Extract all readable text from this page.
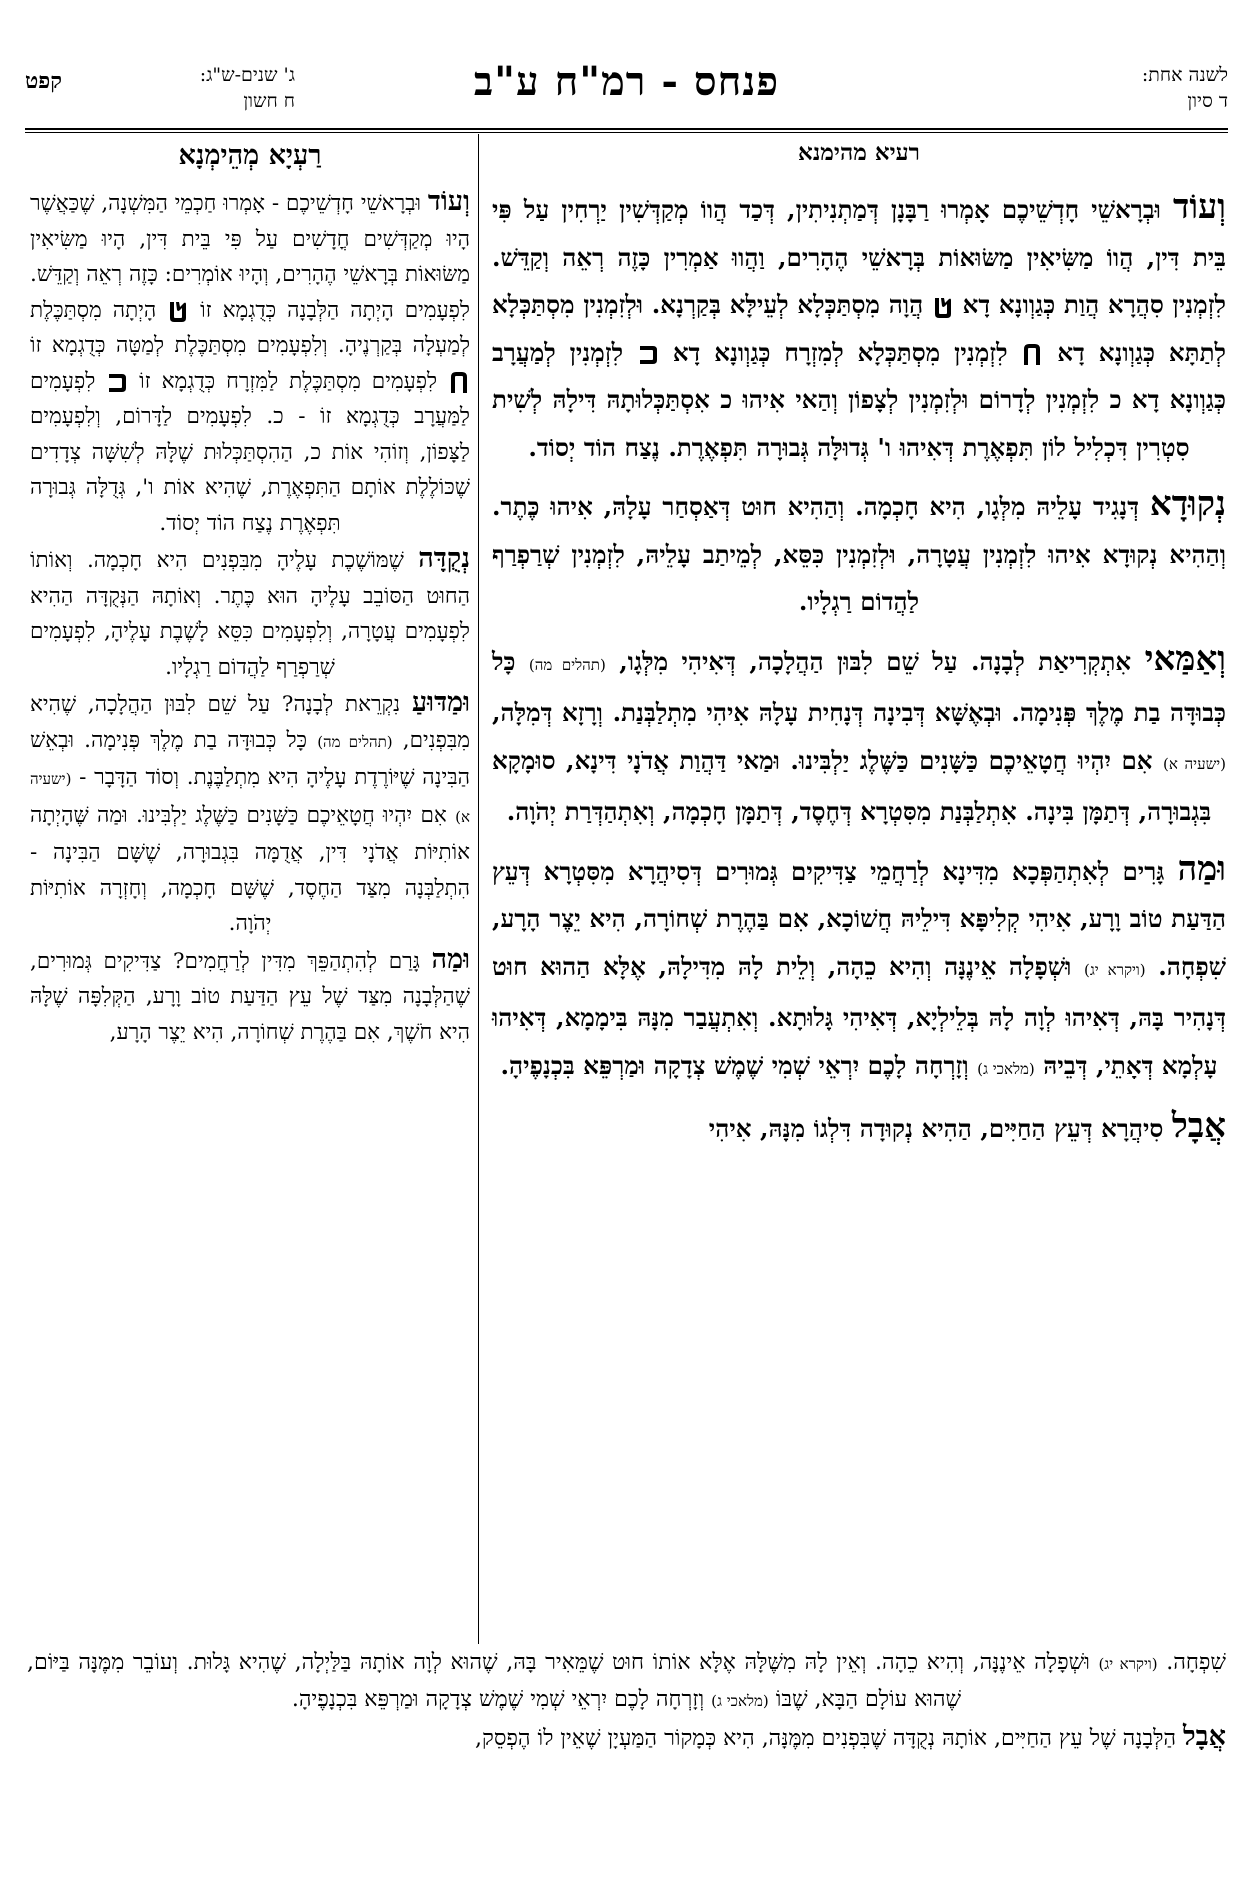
לשנה אחת:
ד סיון
פנחס - רמ"ח ע"ב
ג' שנים-ש"ג:
ח חשון
קפט
רעיא מהימנא

וְעוֹד וּבְרָאשֵׁי חָדְשֵׁיכֶם אָמְרוּ רַבָּנָן דְּמַתְנִיתִין, דְּכַד הֲווֹ מְקַדְּשִׁין יַרְחִין עַל פִּי בֵּית דִּין, הֲווֹ מַשִּׂיאִין מַשּׂוּאוֹת בְּרָאשֵׁי הֶהָרִים, וַהֲווּ אַמְרִין כָּזֶה רְאֵה וְקַדֵּשׁ. לִזְמְנִין סִהֲרָא הֲוַת כְּגַוְונָא דָא
הֲוָה מִסְתַּכְּלָא לְעֵילָּא בְּקַרְנָא. וּלְזִמְנִין מִסְתַּכְּלָא לְתַתָּא כְּגַוְונָא דָא
לִזְמְנִין מִסְתַּכְּלָא לְמִזְרָח כְּגַוְונָא דָא
לִזְמְנִין לְמַעֲרָב כְּגַוְונָא דָא כ לִזְמְנִין לְדָרוֹם וּלְזִמְנִין לְצָפוֹן וְהַאי אִיהוּ כ אִסְתַּכְּלוּתָהּ דִּילָהּ לְשִׁית סִטְרִין דִּכְלִיל לוֹן תִּפְאֶרֶת דְּאִיהוּ ו' גְּדוּלָּה גְּבוּרָה תִּפְאֶרֶת. נֶצַח הוֹד יְסוֹד.

נְקוּדָא דְּנָגִיד עָלֵיהּ מִלְּגָו, הִיא חָכְמָה. וְהַהִיא חוּט דְּאַסְחַר עָלָהּ, אִיהוּ כֶּתֶר. וְהַהִיא נְקוּדָא אִיהוּ לִזְמְנִין עֲטָרָה, וּלְזִמְנִין כִּסֵּא, לְמֵיתַב עָלֵיהּ, לִזְמְנִין שְׁרַפְרַף לַהֲדוֹם רַגְלָיו.

וְאַמַּאי אִתְקְרִיאַת לְבָנָה. עַל שֵׁם לִבּוּן הַהֲלָכָה, דְּאִיהִי מִלְּגָו, (תהלים מה) כָּל כְּבוּדָּה בַת מֶלֶךְ פְּנִימָה. וּבְאֶשָּׁא דְּבִינָה דְּנָחִית עָלָהּ אִיהִי מִתְלַבְּנַת. וְרָזָא דְּמִלָּה, (ישעיה א) אִם יִהְיוּ חֲטָאֵיכֶם כַּשָּׁנִים כַּשֶּׁלֶג יַלְבִּינוּ. וּמַאי דַּהֲוַת אֲדֹנָי דִּינָא, סוּמָקָא בִּגְבוּרָה, דְּתַמָּן בִּינָה. אִתְלַבְּנַת מִסִּטְרָא דְּחֶסֶד, דְּתַמָּן חָכְמָה, וְאִתְהַדְּרַת יְהֹוָה.

וּמַה גָּרִים לְאִתְהַפְּכָא מִדִּינָא לְרַחֲמֵי צַדִּיקִים גְּמוּרִים דְּסִיהֲרָא מִסִּטְרָא דְּעֵץ הַדַּעַת טוֹב וָרָע, אִיהִי קְלִיפָּא דִּילֵיהּ חֲשׁוֹכָא, אִם בַּהֶרֶת שְׁחוֹרָה, הִיא יֵצֶר הָרָע, שִׁפְחָה. (ויקרא יג) וּשְׁפָלָה אֵינֶנָּה וְהִיא כֵהָה, וְלֵית לָהּ מִדִּילָהּ, אֶלָּא הַהוּא חוּט דְּנָהִיר בָּהּ, דְּאִיהוּ לְוָה לָהּ בְּלֵילְיָא, דְּאִיהִי גָּלוּתָא. וְאִתְעֲבַר מִנָּהּ בִּימָמָא, דְּאִיהוּ עָלְמָא דְּאָתֵי, דְּבֵיהּ (מלאכי ג) וְזָרְחָה לָכֶם יִרְאֵי שְׁמִי שֶׁמֶשׁ צְדָקָה וּמַרְפֵּא בִּכְנָפֶיהָ.

אֲבָל סִיהֲרָא דְּעֵץ הַחַיִּים, הַהִיא נְקוּדָה דִּלְגוֹ מִנָּהּ, אִיהִי

רַעְיָא מְהֵימְנָא

וְעוֹד וּבְרָאשֵׁי חָדְשֵׁיכֶם - אָמְרוּ חַכְמֵי הַמִּשְׁנָה, שֶׁכַּאֲשֶׁר הָיוּ מְקַדְּשִׁים חֳדָשִׁים עַל פִּי בֵּית דִּין, הָיוּ מַשִּׂיאִין מַשּׂוּאוֹת בְּרָאשֵׁי הֶהָרִים, וְהָיוּ אוֹמְרִים: כָּזֶה רְאֵה וְקַדֵּשׁ. לִפְעָמִים הָיְתָה הַלְּבָנָה כְּדֻגְמָא זוֹ
הָיְתָה מִסְתַּכֶּלֶת לְמַעְלָה בְּקַרְנֶיהָ. וְלִפְעָמִים מִסְתַּכֶּלֶת לְמַטָּה כְּדֻגְמָא זוֹ
לִפְעָמִים מִסְתַּכֶּלֶת לַמִּזְרָח כְּדֻגְמָא זוֹ
לִפְעָמִים לַמַּעֲרָב כְּדֻגְמָא זוֹ - כ. לִפְעָמִים לַדָּרוֹם, וְלִפְעָמִים לַצָּפוֹן, וְזוֹהִי אוֹת כ, הַהִסְתַּכְּלוּת שֶׁלָּהּ לְשִׁשָּׁה צְדָדִים שֶׁכּוֹלֶלֶת אוֹתָם הַתִּפְאֶרֶת, שֶׁהִיא אוֹת ו', גְּדֻלָּה גְּבוּרָה תִּפְאֶרֶת נֶצַח הוֹד יְסוֹד.

נְקֻדָּה שֶׁמּוֹשֶׁכֶת עָלֶיהָ מִבִּפְנִים הִיא חָכְמָה. וְאוֹתוֹ הַחוּט הַסּוֹבֵב עָלֶיהָ הוּא כֶּתֶר. וְאוֹתָהּ הַנְּקֻדָּה הַהִיא לִפְעָמִים עֲטָרָה, וְלִפְעָמִים כִּסֵּא לָשֶׁבֶת עָלֶיהָ, לִפְעָמִים שְׁרַפְרַף לַהֲדוֹם רַגְלָיו.

וּמַדּוּעַ נִקְרֵאת לְבָנָה? עַל שֵׁם לִבּוּן הַהֲלָכָה, שֶׁהִיא מִבִּפְנִים, (תהלים מה) כָּל כְּבוּדָּה בַת מֶלֶךְ פְּנִימָה. וּבְאֵשׁ הַבִּינָה שֶׁיּוֹרֶדֶת עָלֶיהָ הִיא מִתְלַבֶּנֶת. וְסוֹד הַדָּבָר - (ישעיה א) אִם יִהְיוּ חֲטָאֵיכֶם כַּשָּׁנִים כַּשֶּׁלֶג יַלְבִּינוּ. וּמַה שֶּׁהָיְתָה אוֹתִיּוֹת אֲדֹנָי דִּין, אֲדֻמָּה בִּגְבוּרָה, שֶׁשָּׁם הַבִּינָה - הִתְלַבְּנָה מִצַּד הַחֶסֶד, שֶׁשָּׁם חָכְמָה, וְחָזְרָה אוֹתִיּוֹת יְהֹוָה.

וּמַה גָּרַם לְהִתְהַפֵּךְ מִדִּין לְרַחֲמִים? צַדִּיקִים גְּמוּרִים, שֶׁהַלְּבָנָה מִצַּד שֶׁל עֵץ הַדַּעַת טוֹב וָרָע, הַקְּלִפָּה שֶׁלָּהּ הִיא חֹשֶׁךְ, אִם בַּהֶרֶת שְׁחוֹרָה, הִיא יֵצֶר הָרָע,

שִׁפְחָה. (ויקרא יג) וּשְׁפָלָה אֵינֶנָּה, וְהִיא כֵהָה. וְאֵין לָהּ מִשֶּׁלָּהּ אֶלָּא אוֹתוֹ חוּט שֶׁמֵּאִיר בָּהּ, שֶׁהוּא לְוָה אוֹתָהּ בַּלַּיְלָה, שֶׁהִיא גָּלוּת. וְעוֹבֵר מִמֶּנָּה בַּיּוֹם, שֶׁהוּא עוֹלָם הַבָּא, שֶׁבּוֹ (מלאכי ג) וְזָרְחָה לָכֶם יִרְאֵי שְׁמִי שֶׁמֶשׁ צְדָקָה וּמַרְפֵּא בִּכְנָפֶיהָ.

אֲבָל הַלְּבָנָה שֶׁל עֵץ הַחַיִּים, אוֹתָהּ נְקֻדָּה שֶׁבִּפְנִים מִמֶּנָּה, הִיא כְּמָקוֹר הַמַּעְיָן שֶׁאֵין לוֹ הֶפְסֵק,
